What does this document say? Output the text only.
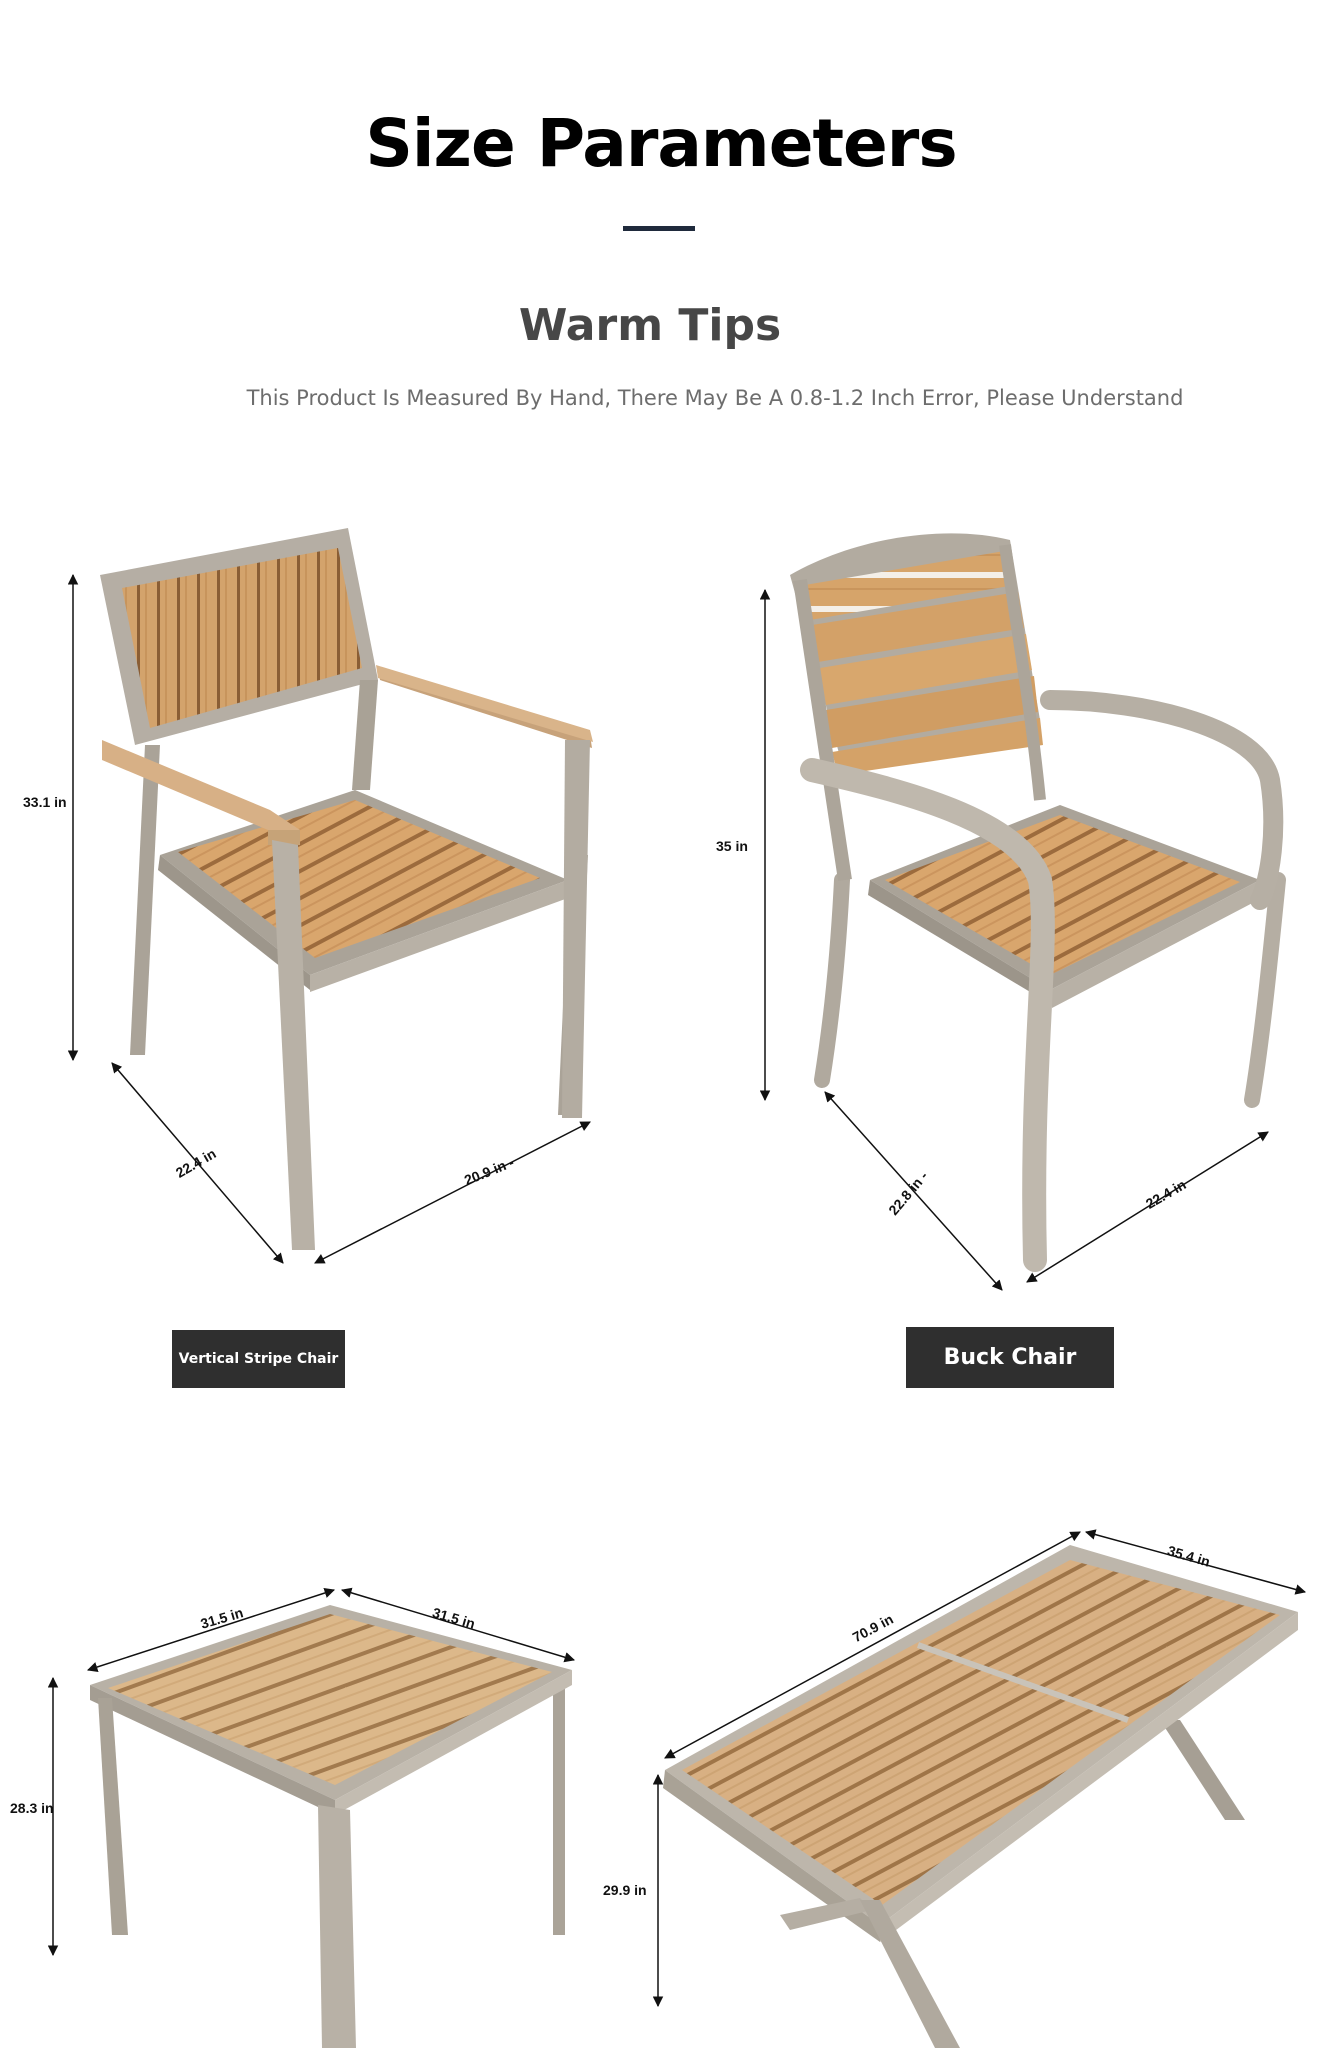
Size Parameters
Warm Tips
This Product Is Measured By Hand, There May Be A 0.8-1.2 Inch Error, Please Understand
33.1 in
22.4 in	20.9 in -
35 in
22.8 in -	22.4 in
Vertical Stripe Chair	Buck Chair
31.5 in	31.5 in
28.3 in
70.9 in
35.4 in
29.9 in
